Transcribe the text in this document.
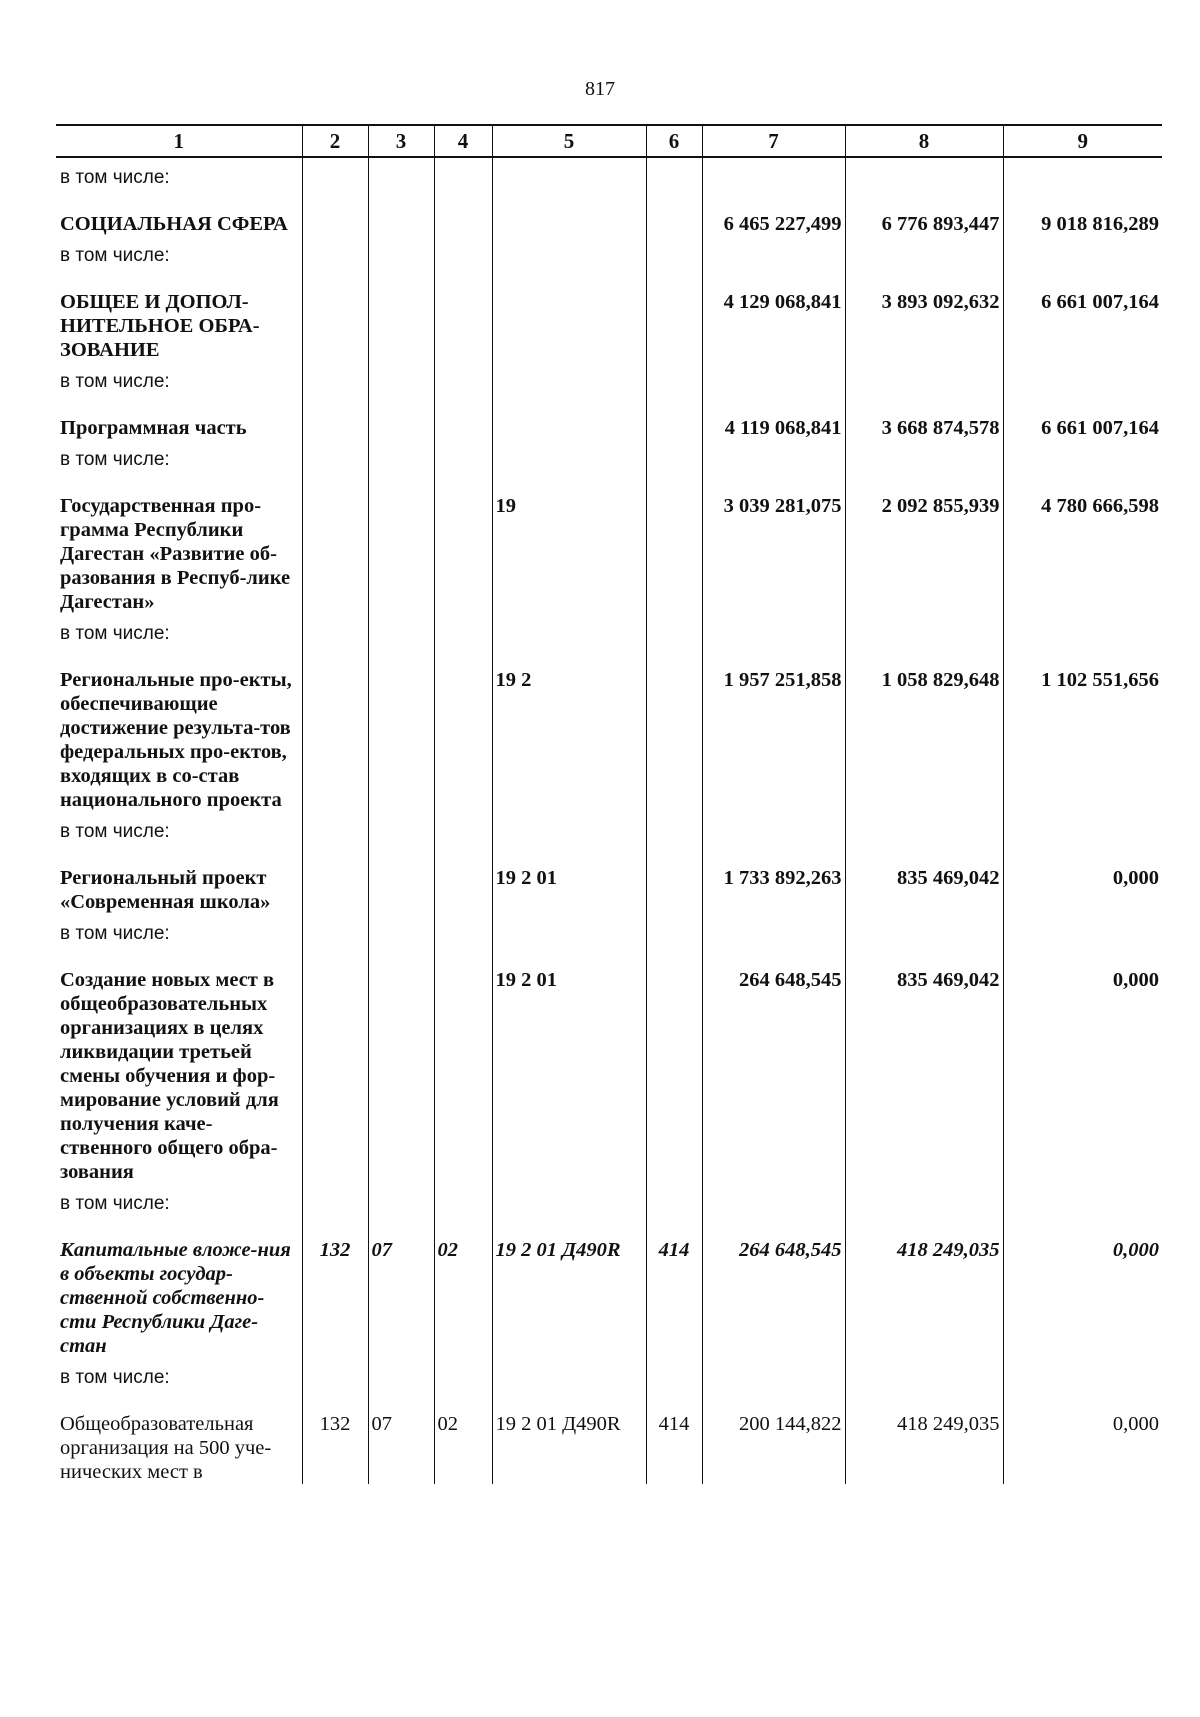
817
1	2	3	4	5	6	7	8	9
в том числе:								
СОЦИАЛЬНАЯ СФЕРА						6 465 227,499	6 776 893,447	9 018 816,289
в том числе:								
ОБЩЕЕ И ДОПОЛ-НИТЕЛЬНОЕ ОБРА-ЗОВАНИЕ						4 129 068,841	3 893 092,632	6 661 007,164
в том числе:								
Программная часть						4 119 068,841	3 668 874,578	6 661 007,164
в том числе:								
Государственная про-грамма Республики Дагестан «Развитие об-разования в Респуб-лике Дагестан»				19		3 039 281,075	2 092 855,939	4 780 666,598
в том числе:								
Региональные про-екты, обеспечивающие достижение результа-тов федеральных про-ектов, входящих в со-став национального проекта				19 2		1 957 251,858	1 058 829,648	1 102 551,656
в том числе:								
Региональный проект «Современная школа»				19 2 01		1 733 892,263	835 469,042	0,000
в том числе:								
Создание новых мест в общеобразовательных организациях в целях ликвидации третьей смены обучения и фор-мирование условий для получения каче-ственного общего обра-зования				19 2 01		264 648,545	835 469,042	0,000
в том числе:								
Капитальные вложе-ния в объекты государ-ственной собственно-сти Республики Даге-стан	132	07	02	19 2 01 Д490R	414	264 648,545	418 249,035	0,000
в том числе:								
Общеобразовательная организация на 500 уче-нических мест в	132	07	02	19 2 01 Д490R	414	200 144,822	418 249,035	0,000
